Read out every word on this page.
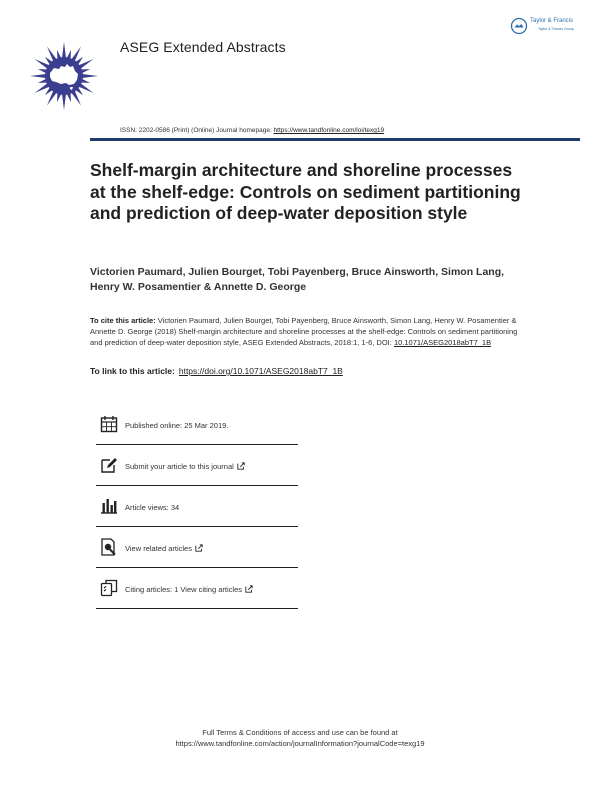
ASEG Extended Abstracts
Taylor & Francis
Taylor & Francis Group
ISSN: 2202-0586 (Print) (Online) Journal homepage: https://www.tandfonline.com/loi/texg19
Shelf-margin architecture and shoreline processes at the shelf-edge: Controls on sediment partitioning and prediction of deep-water deposition style
Victorien Paumard, Julien Bourget, Tobi Payenberg, Bruce Ainsworth, Simon Lang, Henry W. Posamentier & Annette D. George
To cite this article: Victorien Paumard, Julien Bourget, Tobi Payenberg, Bruce Ainsworth, Simon Lang, Henry W. Posamentier & Annette D. George (2018) Shelf-margin architecture and shoreline processes at the shelf-edge: Controls on sediment partitioning and prediction of deep-water deposition style, ASEG Extended Abstracts, 2018:1, 1-6, DOI: 10.1071/ASEG2018abT7_1B
To link to this article: https://doi.org/10.1071/ASEG2018abT7_1B
Published online: 25 Mar 2019.
Submit your article to this journal
Article views: 34
View related articles
Citing articles: 1 View citing articles
Full Terms & Conditions of access and use can be found at
https://www.tandfonline.com/action/journalInformation?journalCode=texg19
